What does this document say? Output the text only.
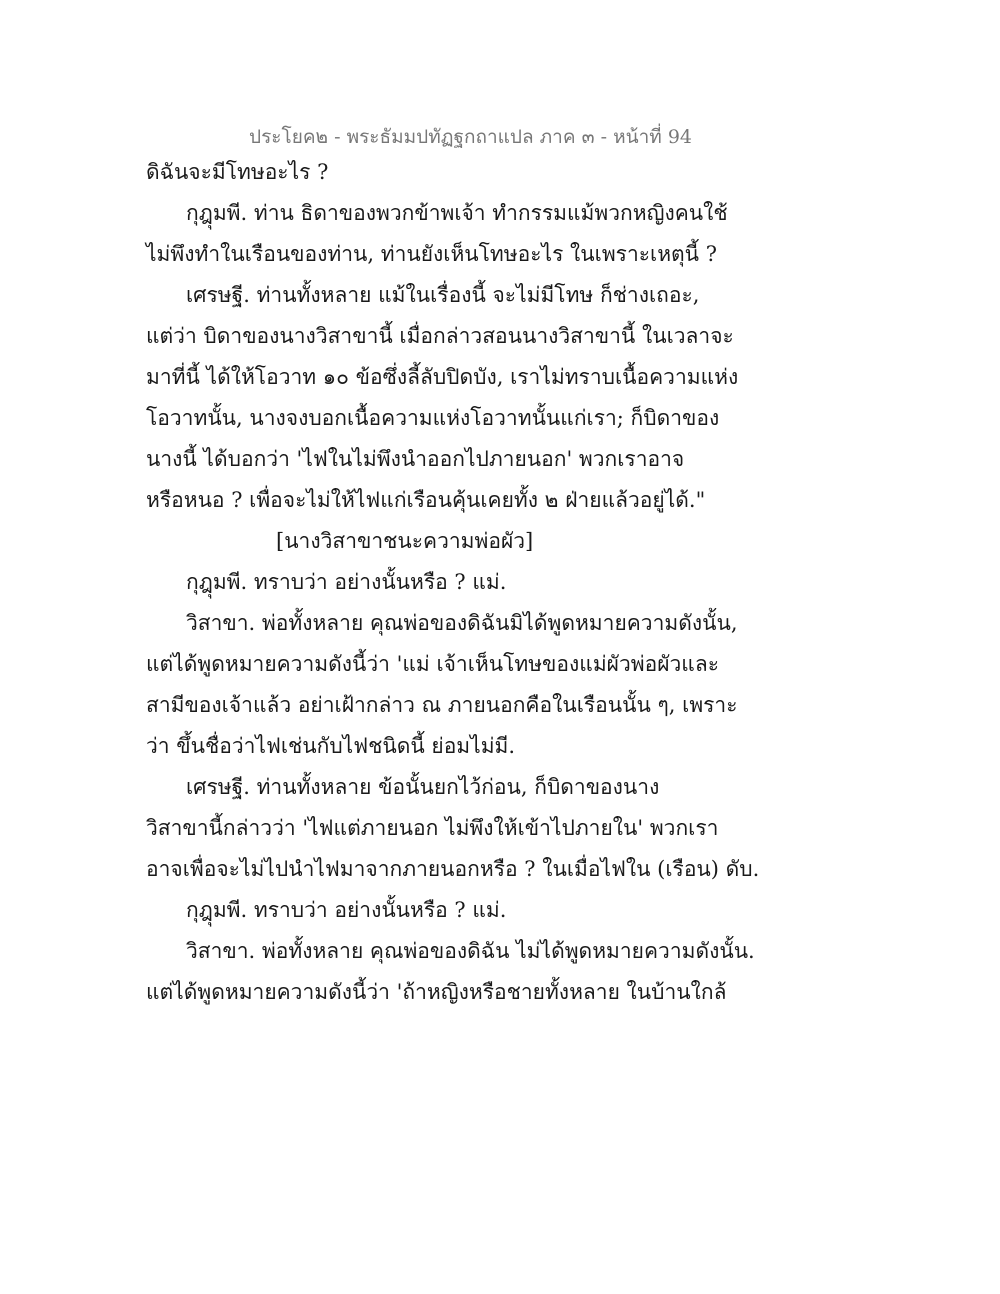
ประโยค๒ - พระธัมมปทัฏฐกถาแปล ภาค ๓ - หน้าที่ 94
ดิฉันจะมีโทษอะไร ?
กุฎุมพี. ท่าน ธิดาของพวกข้าพเจ้า ทำกรรมแม้พวกหญิงคนใช้
ไม่พึงทำในเรือนของท่าน, ท่านยังเห็นโทษอะไร ในเพราะเหตุนี้ ?
เศรษฐี. ท่านทั้งหลาย แม้ในเรื่องนี้ จะไม่มีโทษ ก็ช่างเถอะ,
แต่ว่า บิดาของนางวิสาขานี้ เมื่อกล่าวสอนนางวิสาขานี้ ในเวลาจะ
มาที่นี้ ได้ให้โอวาท ๑๐ ข้อซึ่งลี้ลับปิดบัง, เราไม่ทราบเนื้อความแห่ง
โอวาทนั้น, นางจงบอกเนื้อความแห่งโอวาทนั้นแก่เรา; ก็บิดาของ
นางนี้ ได้บอกว่า 'ไฟในไม่พึงนำออกไปภายนอก' พวกเราอาจ
หรือหนอ ? เพื่อจะไม่ให้ไฟแก่เรือนคุ้นเคยทั้ง ๒ ฝ่ายแล้วอยู่ได้."
[นางวิสาขาชนะความพ่อผัว]
กุฎุมพี. ทราบว่า อย่างนั้นหรือ ? แม่.
วิสาขา. พ่อทั้งหลาย คุณพ่อของดิฉันมิได้พูดหมายความดังนั้น,
แต่ได้พูดหมายความดังนี้ว่า 'แม่ เจ้าเห็นโทษของแม่ผัวพ่อผัวและ
สามีของเจ้าแล้ว อย่าเฝ้ากล่าว ณ ภายนอกคือในเรือนนั้น ๆ, เพราะ
ว่า ขึ้นชื่อว่าไฟเช่นกับไฟชนิดนี้ ย่อมไม่มี.
เศรษฐี. ท่านทั้งหลาย ข้อนั้นยกไว้ก่อน, ก็บิดาของนาง
วิสาขานี้กล่าวว่า 'ไฟแต่ภายนอก ไม่พึงให้เข้าไปภายใน' พวกเรา
อาจเพื่อจะไม่ไปนำไฟมาจากภายนอกหรือ ? ในเมื่อไฟใน (เรือน) ดับ.
กุฎุมพี. ทราบว่า อย่างนั้นหรือ ? แม่.
วิสาขา. พ่อทั้งหลาย คุณพ่อของดิฉัน ไม่ได้พูดหมายความดังนั้น.
แต่ได้พูดหมายความดังนี้ว่า 'ถ้าหญิงหรือชายทั้งหลาย ในบ้านใกล้
